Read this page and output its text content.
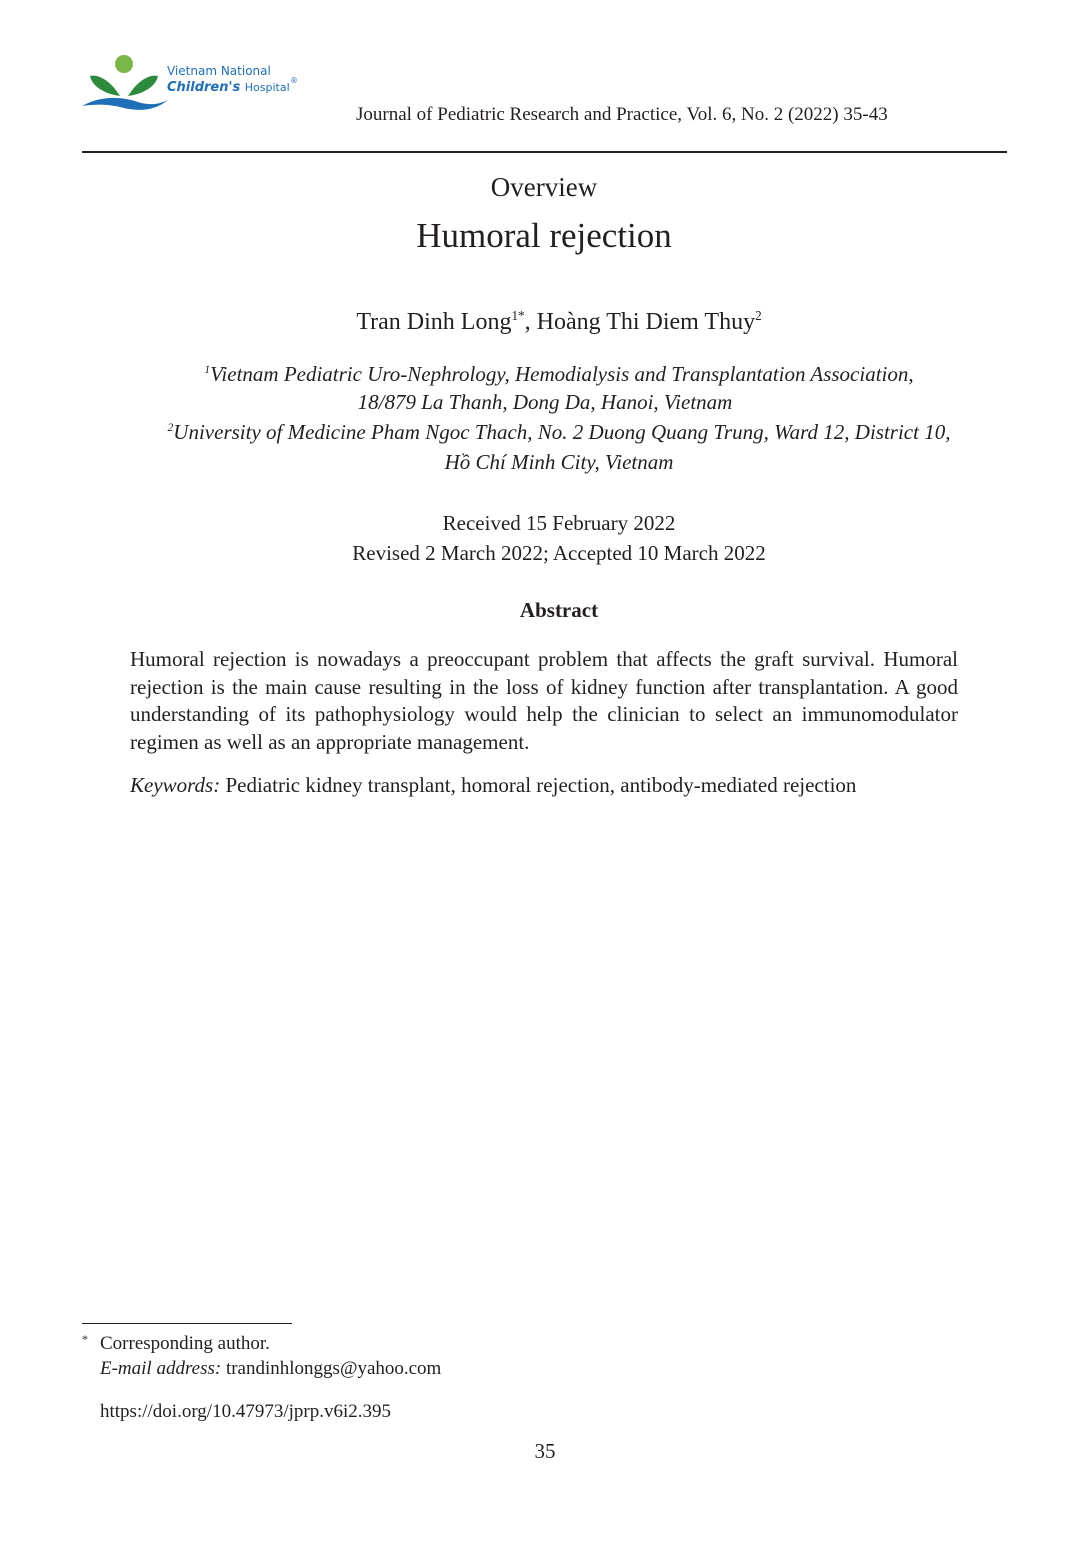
Vietnam National
Children's Hospital
®
Journal of Pediatric Research and Practice, Vol. 6, No. 2 (2022) 35-43
Overview
Humoral rejection
Tran Dinh Long$^{1*}$, Hoàng Thi Diem Thuy$^2$
$^1$Vietnam Pediatric Uro-Nephrology, Hemodialysis and Transplantation Association,
18/879 La Thanh, Dong Da, Hanoi, Vietnam
$^2$University of Medicine Pham Ngoc Thach, No. 2 Duong Quang Trung, Ward 12, District 10,
Hồ Chí Minh City, Vietnam
Received 15 February 2022
Revised 2 March 2022; Accepted 10 March 2022
Abstract
Humoral rejection is nowadays a preoccupant problem that affects the graft survival. Humoral rejection is the main cause resulting in the loss of kidney function after transplantation. A good understanding of its pathophysiology would help the clinician to select an immunomodulator regimen as well as an appropriate management.
Keywords: Pediatric kidney transplant, homoral rejection, antibody-mediated rejection
* Corresponding author.
E-mail address: trandinhlonggs@yahoo.com
https://doi.org/10.47973/jprp.v6i2.395
35
